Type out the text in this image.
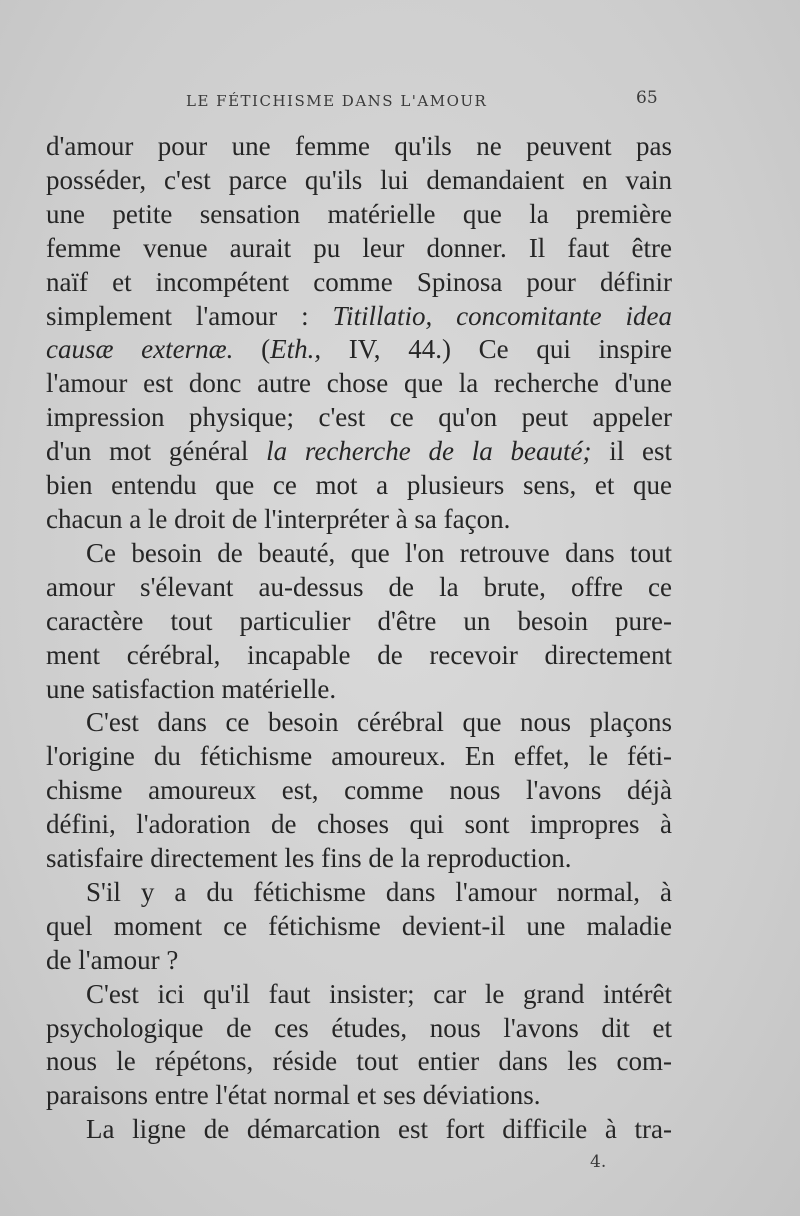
LE FÉTICHISME DANS L'AMOUR	65
d'amour pour une femme qu'ils ne peuvent pas
posséder, c'est parce qu'ils lui demandaient en vain
une petite sensation matérielle que la première
femme venue aurait pu leur donner. Il faut être
naïf et incompétent comme Spinosa pour définir
simplement l'amour : Titillatio, concomitante idea
causæ externæ. (Eth., IV, 44.) Ce qui inspire
l'amour est donc autre chose que la recherche d'une
impression physique; c'est ce qu'on peut appeler
d'un mot général la recherche de la beauté; il est
bien entendu que ce mot a plusieurs sens, et que
chacun a le droit de l'interpréter à sa façon.
Ce besoin de beauté, que l'on retrouve dans tout
amour s'élevant au-dessus de la brute, offre ce
caractère tout particulier d'être un besoin pure-
ment cérébral, incapable de recevoir directement
une satisfaction matérielle.
C'est dans ce besoin cérébral que nous plaçons
l'origine du fétichisme amoureux. En effet, le féti-
chisme amoureux est, comme nous l'avons déjà
défini, l'adoration de choses qui sont impropres à
satisfaire directement les fins de la reproduction.
S'il y a du fétichisme dans l'amour normal, à
quel moment ce fétichisme devient-il une maladie
de l'amour ?
C'est ici qu'il faut insister; car le grand intérêt
psychologique de ces études, nous l'avons dit et
nous le répétons, réside tout entier dans les com-
paraisons entre l'état normal et ses déviations.
La ligne de démarcation est fort difficile à tra-
4.
